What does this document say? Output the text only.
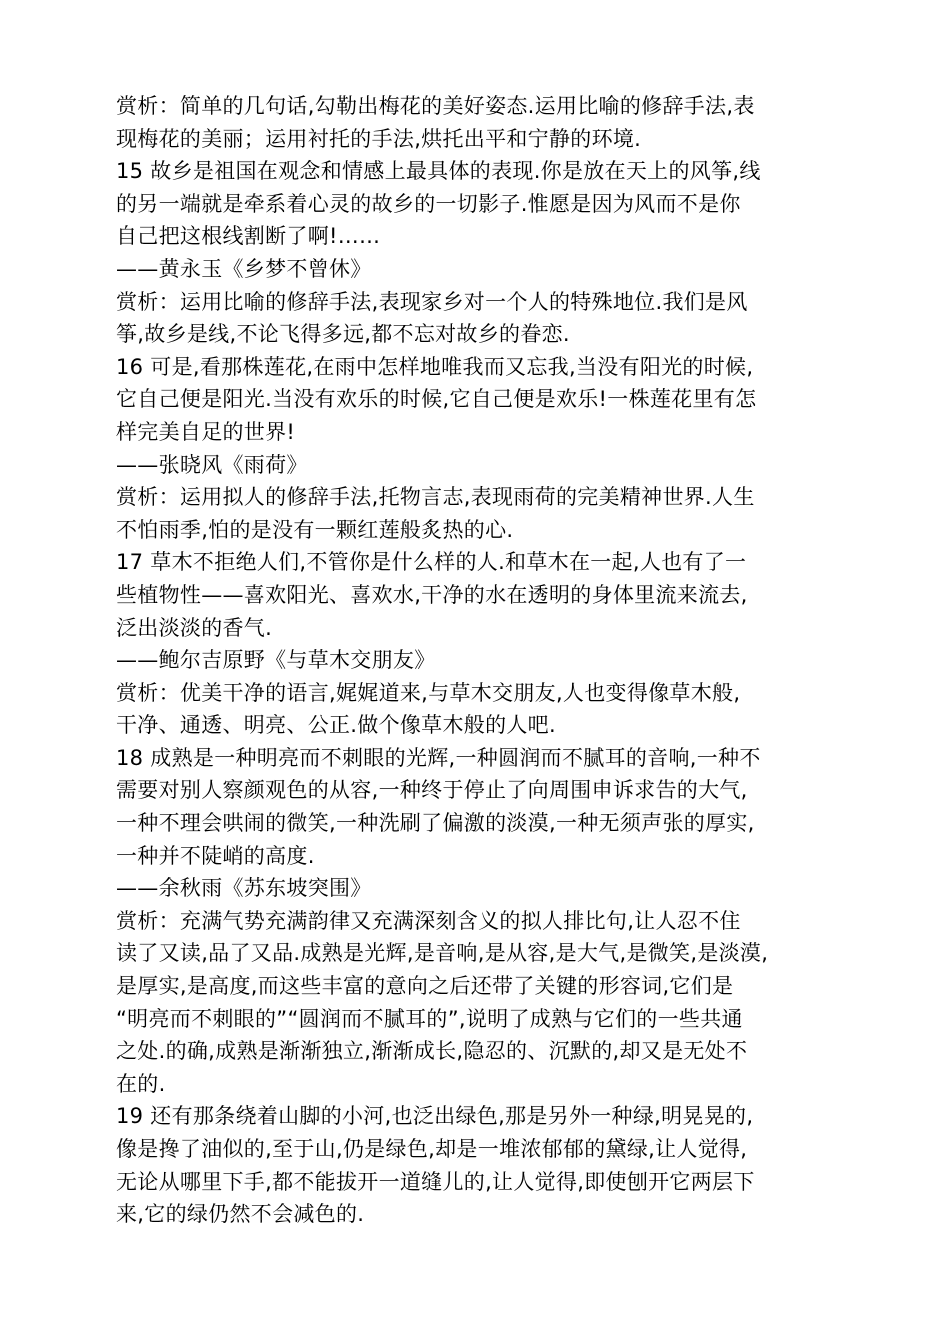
赏析：简单的几句话,勾勒出梅花的美好姿态.运用比喻的修辞手法,表
现梅花的美丽；运用衬托的手法,烘托出平和宁静的环境.
15 故乡是祖国在观念和情感上最具体的表现.你是放在天上的风筝,线
的另一端就是牵系着心灵的故乡的一切影子.惟愿是因为风而不是你
自己把这根线割断了啊!……
——黄永玉《乡梦不曾休》
赏析：运用比喻的修辞手法,表现家乡对一个人的特殊地位.我们是风
筝,故乡是线,不论飞得多远,都不忘对故乡的眷恋.
16 可是,看那株莲花,在雨中怎样地唯我而又忘我,当没有阳光的时候,
它自己便是阳光.当没有欢乐的时候,它自己便是欢乐!一株莲花里有怎
样完美自足的世界!
——张晓风《雨荷》
赏析：运用拟人的修辞手法,托物言志,表现雨荷的完美精神世界.人生
不怕雨季,怕的是没有一颗红莲般炙热的心.
17 草木不拒绝人们,不管你是什么样的人.和草木在一起,人也有了一
些植物性——喜欢阳光、喜欢水,干净的水在透明的身体里流来流去,
泛出淡淡的香气.
——鲍尔吉原野《与草木交朋友》
赏析：优美干净的语言,娓娓道来,与草木交朋友,人也变得像草木般,
干净、通透、明亮、公正.做个像草木般的人吧.
18 成熟是一种明亮而不刺眼的光辉,一种圆润而不腻耳的音响,一种不
需要对别人察颜观色的从容,一种终于停止了向周围申诉求告的大气,
一种不理会哄闹的微笑,一种洗刷了偏激的淡漠,一种无须声张的厚实,
一种并不陡峭的高度.
——余秋雨《苏东坡突围》
赏析：充满气势充满韵律又充满深刻含义的拟人排比句,让人忍不住
读了又读,品了又品.成熟是光辉,是音响,是从容,是大气,是微笑,是淡漠,
是厚实,是高度,而这些丰富的意向之后还带了关键的形容词,它们是
“明亮而不刺眼的”“圆润而不腻耳的”,说明了成熟与它们的一些共通
之处.的确,成熟是渐渐独立,渐渐成长,隐忍的、沉默的,却又是无处不
在的.
19 还有那条绕着山脚的小河,也泛出绿色,那是另外一种绿,明晃晃的,
像是搀了油似的,至于山,仍是绿色,却是一堆浓郁郁的黛绿,让人觉得,
无论从哪里下手,都不能拔开一道缝儿的,让人觉得,即使刨开它两层下
来,它的绿仍然不会减色的.
